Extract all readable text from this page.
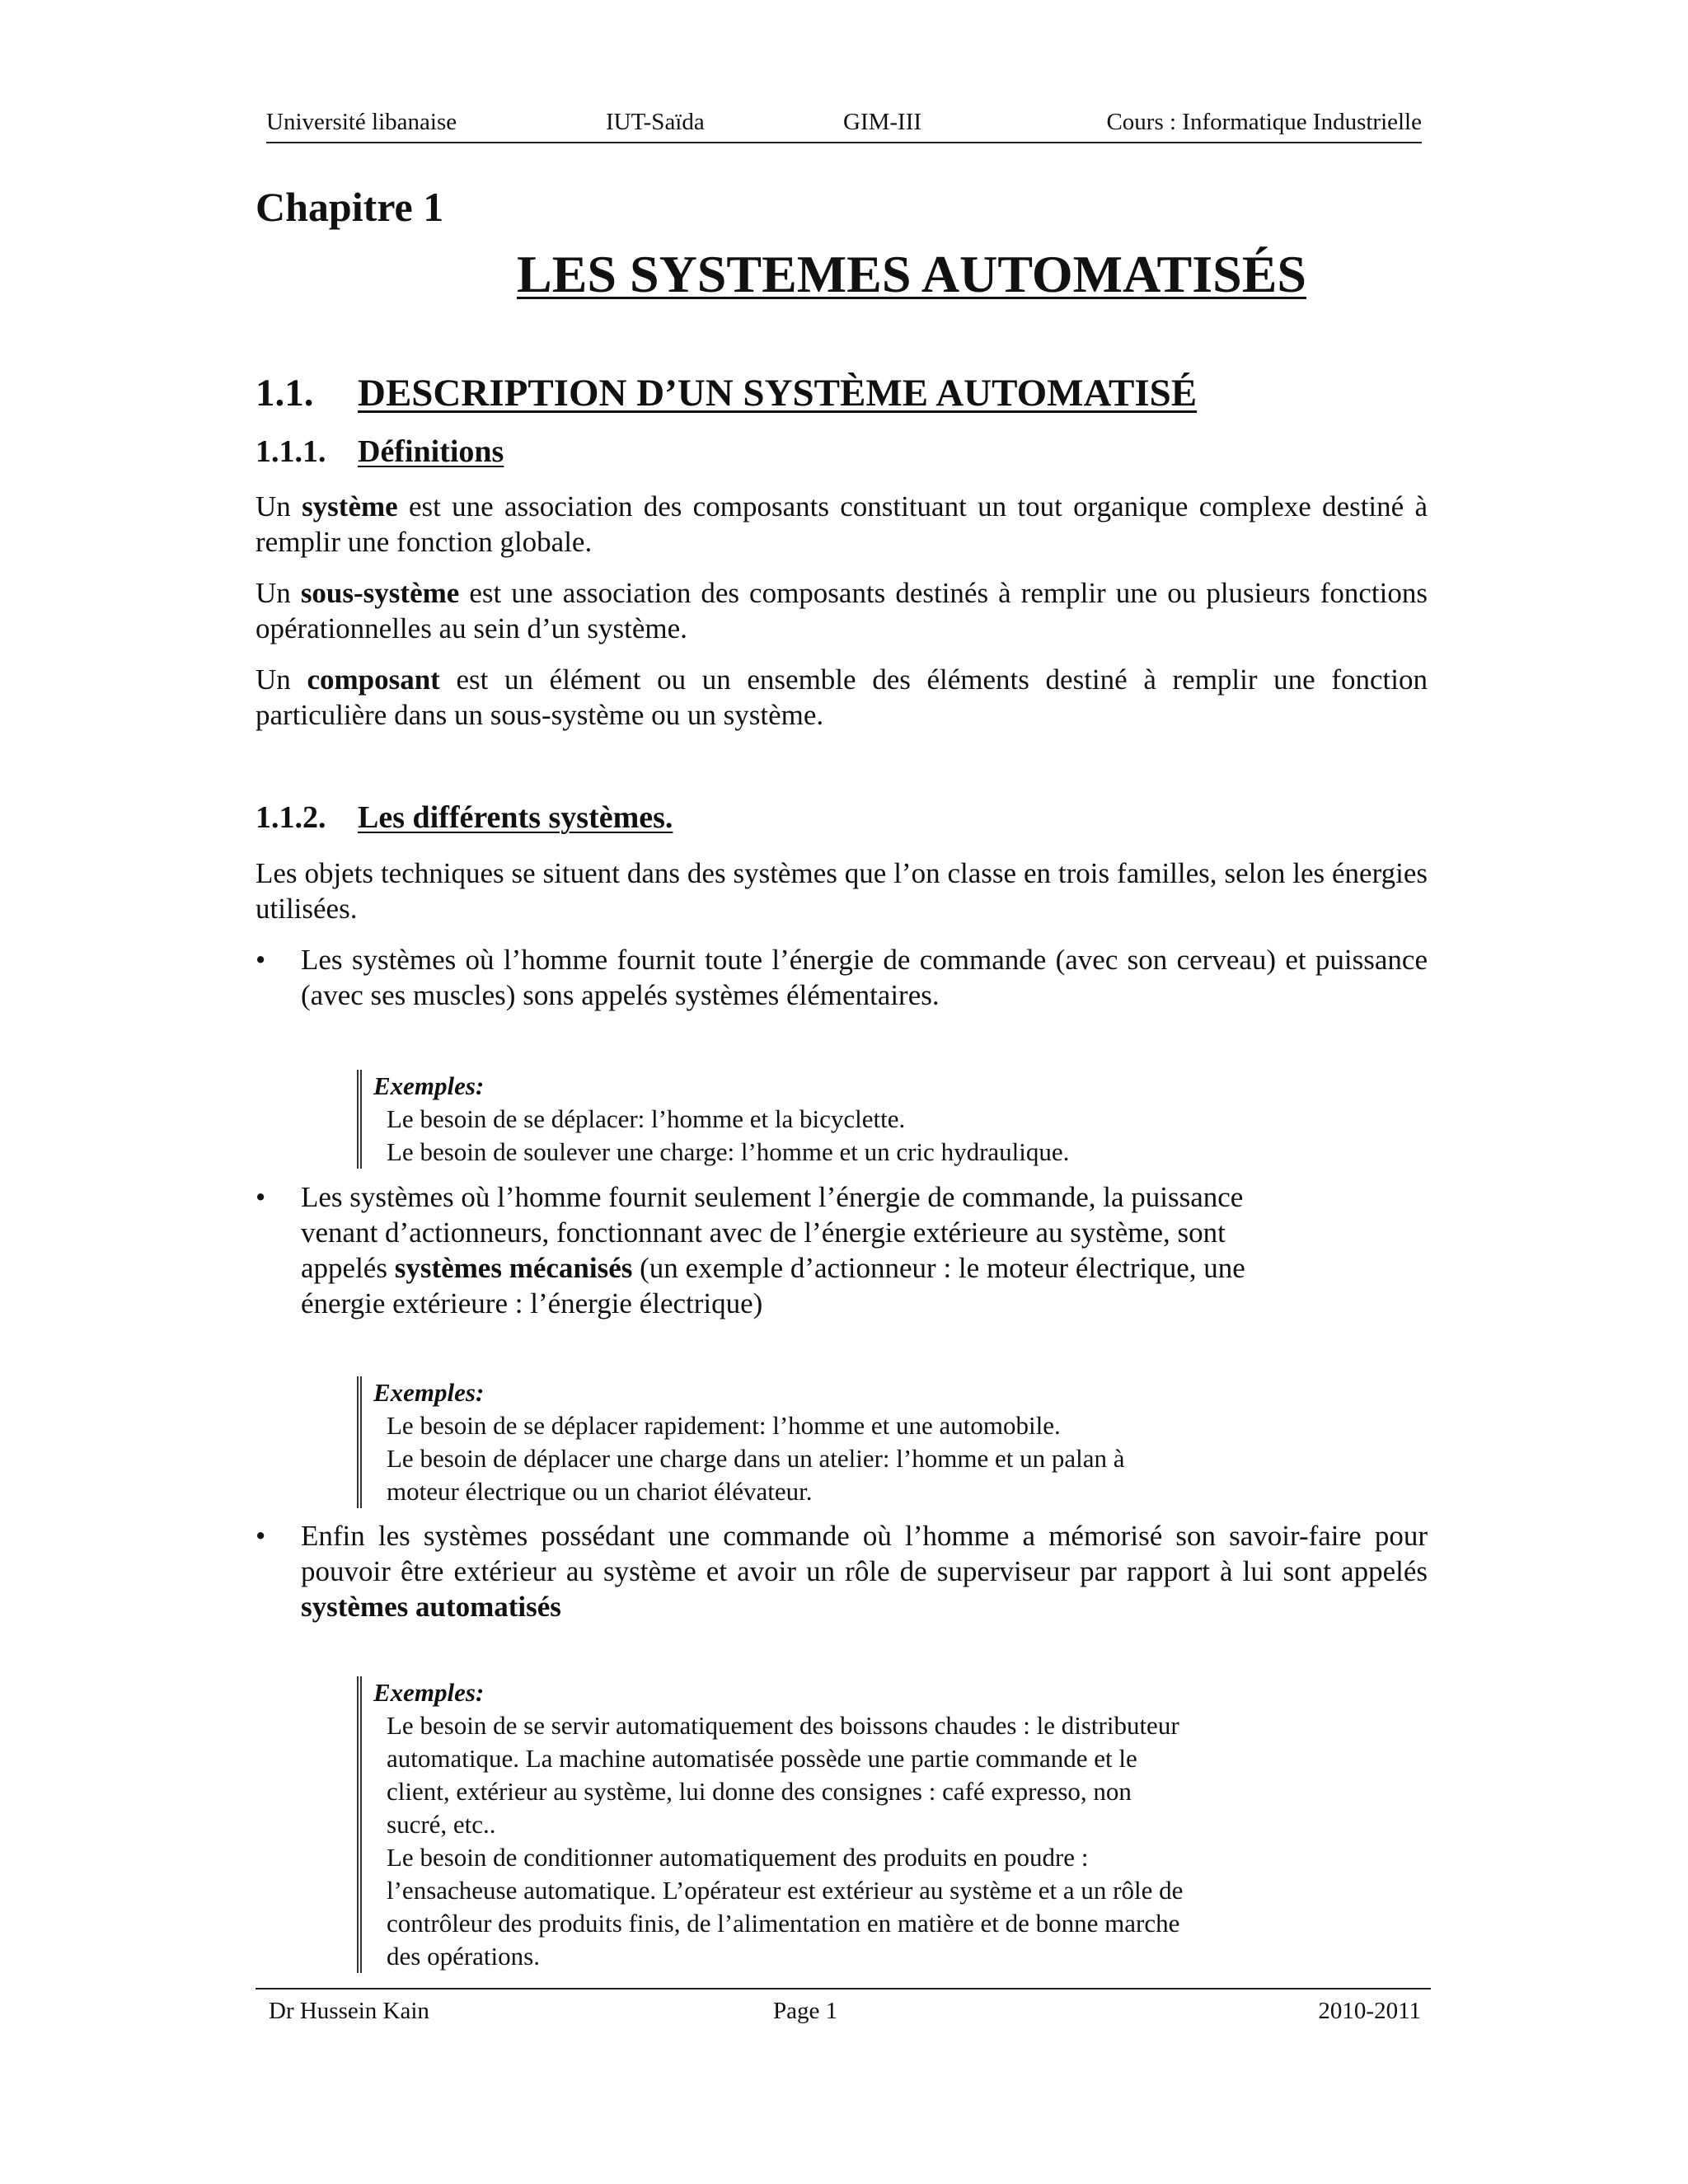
Université libanaise	IUT-Saïda	GIM-III	Cours : Informatique Industrielle
Chapitre 1
LES SYSTEMES AUTOMATISÉS
1.1. DESCRIPTION D’UN SYSTÈME AUTOMATISÉ
1.1.1. Définitions
Un système est une association des composants constituant un tout organique complexe destiné à remplir une fonction globale.
Un sous-système est une association des composants destinés à remplir une ou plusieurs fonctions opérationnelles au sein d’un système.
Un composant est un élément ou un ensemble des éléments destiné à remplir une fonction particulière dans un sous-système ou un système.
1.1.2. Les différents systèmes.
Les objets techniques se situent dans des systèmes que l’on classe en trois familles, selon les énergies utilisées.
•	Les systèmes où l’homme fournit toute l’énergie de commande (avec son cerveau) et puissance (avec ses muscles) sons appelés systèmes élémentaires.
Exemples:
Le besoin de se déplacer: l’homme et la bicyclette.
Le besoin de soulever une charge: l’homme et un cric hydraulique.
•	Les systèmes où l’homme fournit seulement l’énergie de commande, la puissance venant d’actionneurs, fonctionnant avec de l’énergie extérieure au système, sont appelés systèmes mécanisés (un exemple d’actionneur : le moteur électrique, une énergie extérieure : l’énergie électrique)
Exemples:
Le besoin de se déplacer rapidement: l’homme et une automobile.
Le besoin de déplacer une charge dans un atelier: l’homme et un palan à
moteur électrique ou un chariot élévateur.
•	Enfin les systèmes possédant une commande où l’homme a mémorisé son savoir-faire pour pouvoir être extérieur au système et avoir un rôle de superviseur par rapport à lui sont appelés systèmes automatisés
Exemples:
Le besoin de se servir automatiquement des boissons chaudes : le distributeur
automatique. La machine automatisée possède une partie commande et le
client, extérieur au système, lui donne des consignes : café expresso, non
sucré, etc..
Le besoin de conditionner automatiquement des produits en poudre :
l’ensacheuse automatique. L’opérateur est extérieur au système et a un rôle de
contrôleur des produits finis, de l’alimentation en matière et de bonne marche
des opérations.
Dr Hussein Kain	Page 1	2010-2011
